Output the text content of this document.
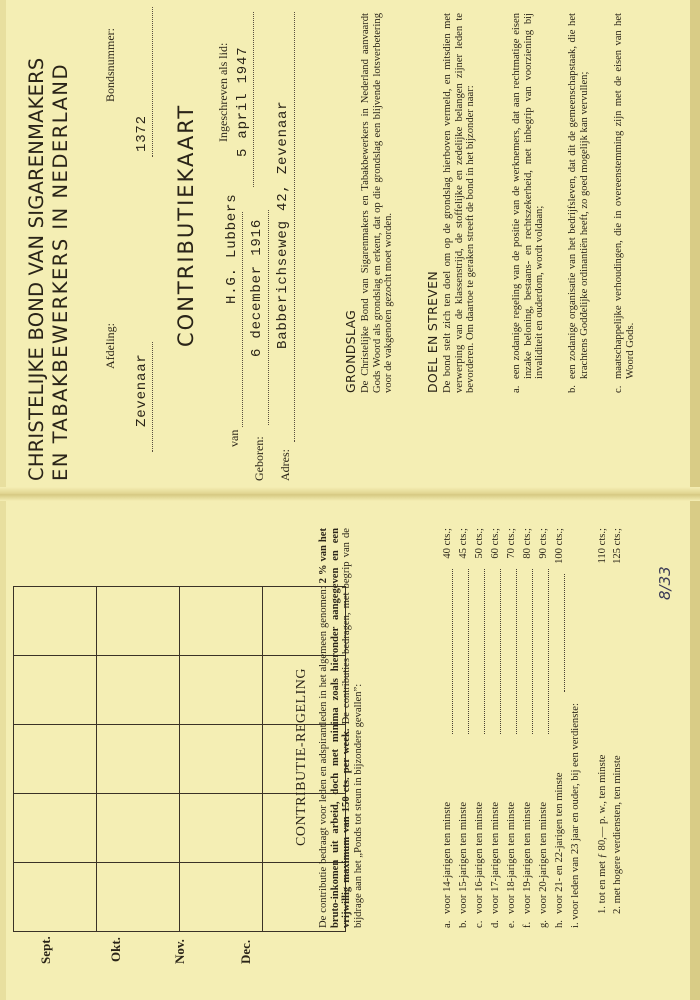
CHRISTELIJKE BOND VAN SIGARENMAKERS EN TABAKBEWERKERS IN NEDERLAND	Afdeling:
Zevenaar
Bondsnummer:
1372 CONTRIBUTIEKAART
Ingeschreven als lid: 5 april 1947
van
H.G. Lubbers
Geboren:
6 december 1916
Adres:
Babberichseweg 42, Zevenaar
GRONDSLAG De Christelijke Bond van Sigarenmakers en Tabakbewerkers in Nederland aanvaardt Gods Woord als grondslag en erkent, dat op die grondslag een blijvende lotsverbetering voor de vakgenoten gezocht moet worden. DOEL EN STREVEN De bond stelt zich ten doel om op de grondslag hierboven vermeld, en mitsdien met verwerping van de klassenstrijd, de stoffelijke en zedelijke belangen zijner leden te bevorderen. Om daartoe te geraken streeft de bond in het bijzonder naar:	a.
een zodanige regeling van de positie van de werknemers, dat aan rechtmatige eisen inzake beloning, bestaans- en rechtszekerheid, met inbegrip van voorziening bij invaliditeit en ouderdom, wordt voldaan;
b.
een zodanige organisatie van het bedrijfsleven, dat dit de gemeenschapstaak, die het krachtens Godđelijke ordinantiën heeft, zo goed mogelijk kan vervullen;
c.
maatschappelijke verhoudingen, die in overeenstemming zijn met de eisen van het Woord Gods.
Sept.	Okt.	Nov.	Dec.

CONTRIBUTIE-REGELING De contributie bedraagt voor leden en adspirantleden in het algemeen genomen: 2 % van het bruto-inkomen uit arbeid, doch met minima zoals hieronder aangegeven en een vrijwillig maximum van 150 cts. per week. De contributies bedragen, met begrip van de bijdrage aan het „Ponds tot steun in bijzondere gevallen”:	a.
voor 14-jarigen ten minste
40 cts.;
b.
voor 15-jarigen ten minste
45 cts.;
c.
voor 16-jarigen ten minste
50 cts.;
d.
voor 17-jarigen ten minste
60 cts.;
e.
voor 18-jarigen ten minste
70 cts.;
f.
voor 19-jarigen ten minste
80 cts.;
g.
voor 20-jarigen ten minste
90 cts.;
h.
voor 21- en 22-jarigen ten minste
100 cts.;
i. voor leden van 23 jaar en ouder, bij een verdienste: 1. tot en met ƒ 80,— p. w., ten minste
110 cts.;
2. met hogere verdiensten, ten minste
125 cts.;
8/33
